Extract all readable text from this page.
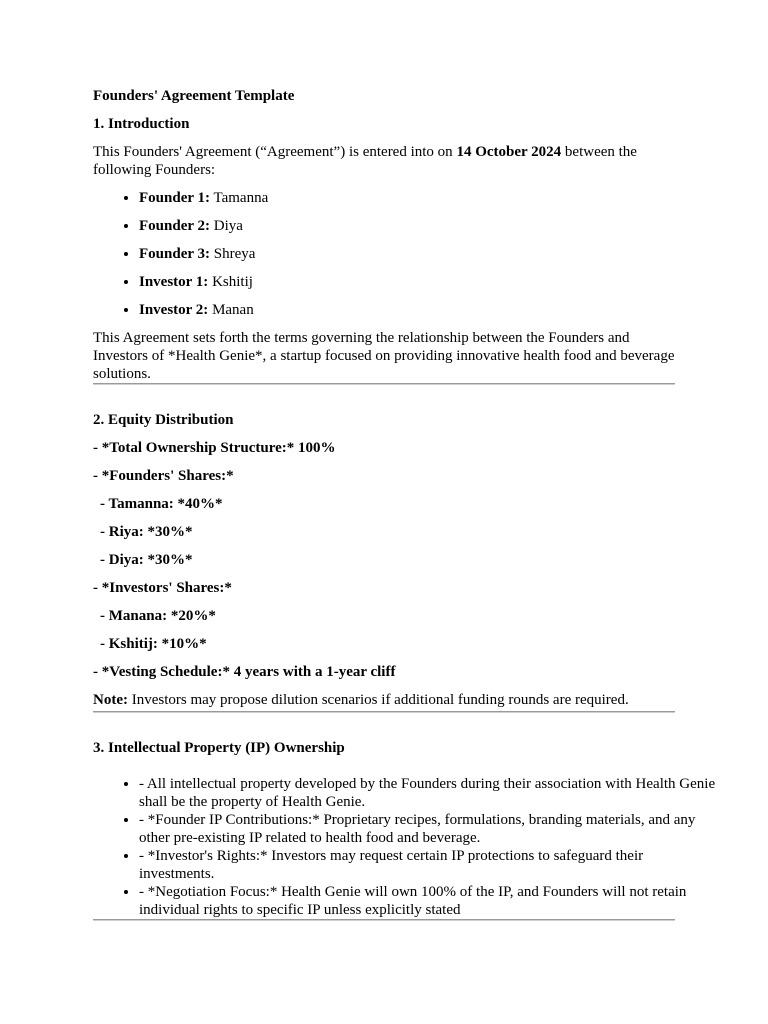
Founders' Agreement Template

1. Introduction

This Founders' Agreement (“Agreement”) is entered into on 14 October 2024 between the following Founders:

• Founder 1: Tamanna
• Founder 2: Diya
• Founder 3: Shreya
• Investor 1: Kshitij
• Investor 2: Manan

This Agreement sets forth the terms governing the relationship between the Founders and Investors of *Health Genie*, a startup focused on providing innovative health food and beverage solutions.

2. Equity Distribution

- *Total Ownership Structure:* 100%

- *Founders' Shares:*

- Tamanna: *40%*

- Riya: *30%*

- Diya: *30%*

- *Investors' Shares:*

- Manana: *20%*

- Kshitij: *10%*

- *Vesting Schedule:* 4 years with a 1-year cliff

Note: Investors may propose dilution scenarios if additional funding rounds are required.

3. Intellectual Property (IP) Ownership

• - All intellectual property developed by the Founders during their association with Health Genie shall be the property of Health Genie.
• - *Founder IP Contributions:* Proprietary recipes, formulations, branding materials, and any other pre-existing IP related to health food and beverage.
• - *Investor's Rights:* Investors may request certain IP protections to safeguard their investments.
• - *Negotiation Focus:* Health Genie will own 100% of the IP, and Founders will not retain individual rights to specific IP unless explicitly stated
